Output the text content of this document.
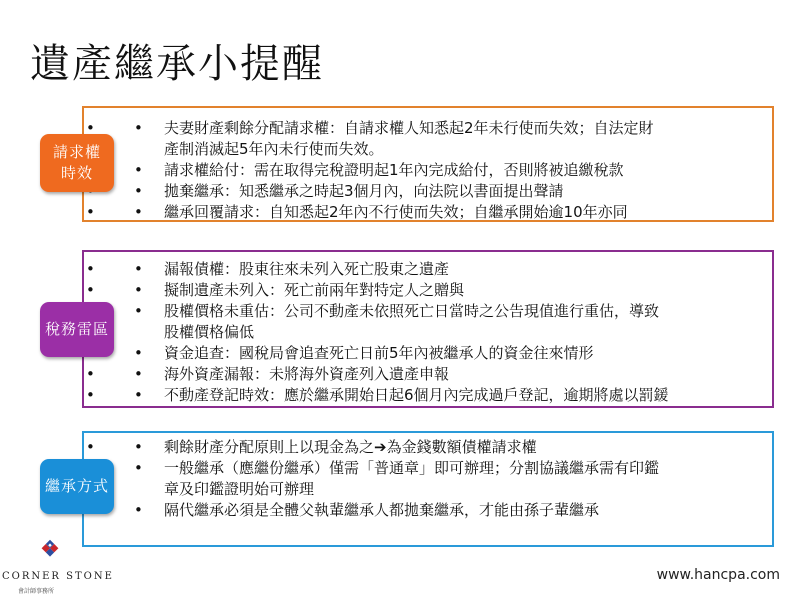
遺產繼承小提醒
• • 夫妻財產剩餘分配請求權：自請求權人知悉起2年未行使而失效；自法定財
產制消滅起5年內未行使而失效。
• • 請求權給付：需在取得完稅證明起1年內完成給付，否則將被追繳稅款
• • 拋棄繼承：知悉繼承之時起3個月內，向法院以書面提出聲請
• • 繼承回覆請求：自知悉起2年內不行使而失效；自繼承開始逾10年亦同
請求權
時效
• • 漏報債權：股東往來未列入死亡股東之遺產
• • 擬制遺產未列入：死亡前兩年對特定人之贈與
• • 股權價格未重估：公司不動產未依照死亡日當時之公告現值進行重估，導致
股權價格偏低
• • 資金追查：國稅局會追查死亡日前5年內被繼承人的資金往來情形
• • 海外資產漏報：未將海外資產列入遺產申報
• • 不動產登記時效：應於繼承開始日起6個月內完成過戶登記，逾期將處以罰鍰
稅務雷區
• • 剩餘財產分配原則上以現金為之➔為金錢數額債權請求權
• • 一般繼承（應繼份繼承）僅需「普通章」即可辦理；分割協議繼承需有印鑑
章及印鑑證明始可辦理
• • 隔代繼承必須是全體父執輩繼承人都拋棄繼承，才能由孫子輩繼承
繼承方式
CORNER STONE
會計師事務所
www.hancpa.com
